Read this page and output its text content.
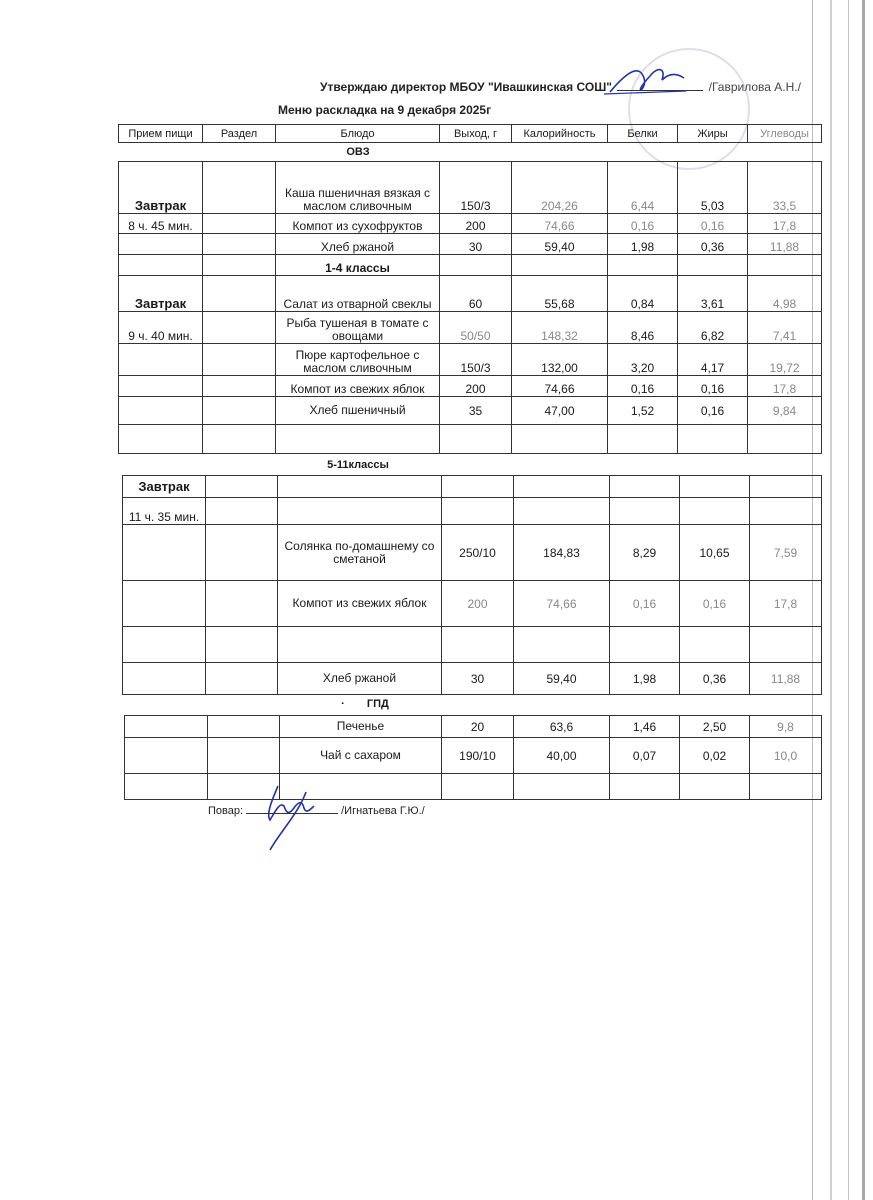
Утверждаю директор МБОУ "Ивашкинская СОШ"	/Гаврилова А.Н./
Меню раскладка на 9 декабря 2025г
Прием пищи	Раздел	Блюдо	Выход, г	Калорийность	Белки	Жиры	Углеводы
ОВЗ
Завтрак		Каша пшеничная вязкая с маслом сливочным	150/3	204,26	6,44	5,03	33,5
8 ч. 45 мин.		Компот из сухофруктов	200	74,66	0,16	0,16	17,8
		Хлеб ржаной	30	59,40	1,98	0,36	11,88
		1-4 классы					
Завтрак		Салат из отварной свеклы	60	55,68	0,84	3,61	4,98
9 ч. 40 мин.		Рыба тушеная в томате с овощами	50/50	148,32	8,46	6,82	7,41
		Пюре картофельное с маслом сливочным	150/3	132,00	3,20	4,17	19,72
		Компот из свежих яблок	200	74,66	0,16	0,16	17,8
		Хлеб пшеничный	35	47,00	1,52	0,16	9,84

5-11классы
Завтрак							
11 ч. 35 мин.							
		Солянка по-домашнему со сметаной	250/10	184,83	8,29	10,65	7,59
		Компот из свежих яблок	200	74,66	0,16	0,16	17,8

		Хлеб ржаной	30	59,40	1,98	0,36	11,88
· ГПД
		Печенье	20	63,6	1,46	2,50	9,8
		Чай с сахаром	190/10	40,00	0,07	0,02	10,0

Повар:	/Игнатьева Г.Ю./
